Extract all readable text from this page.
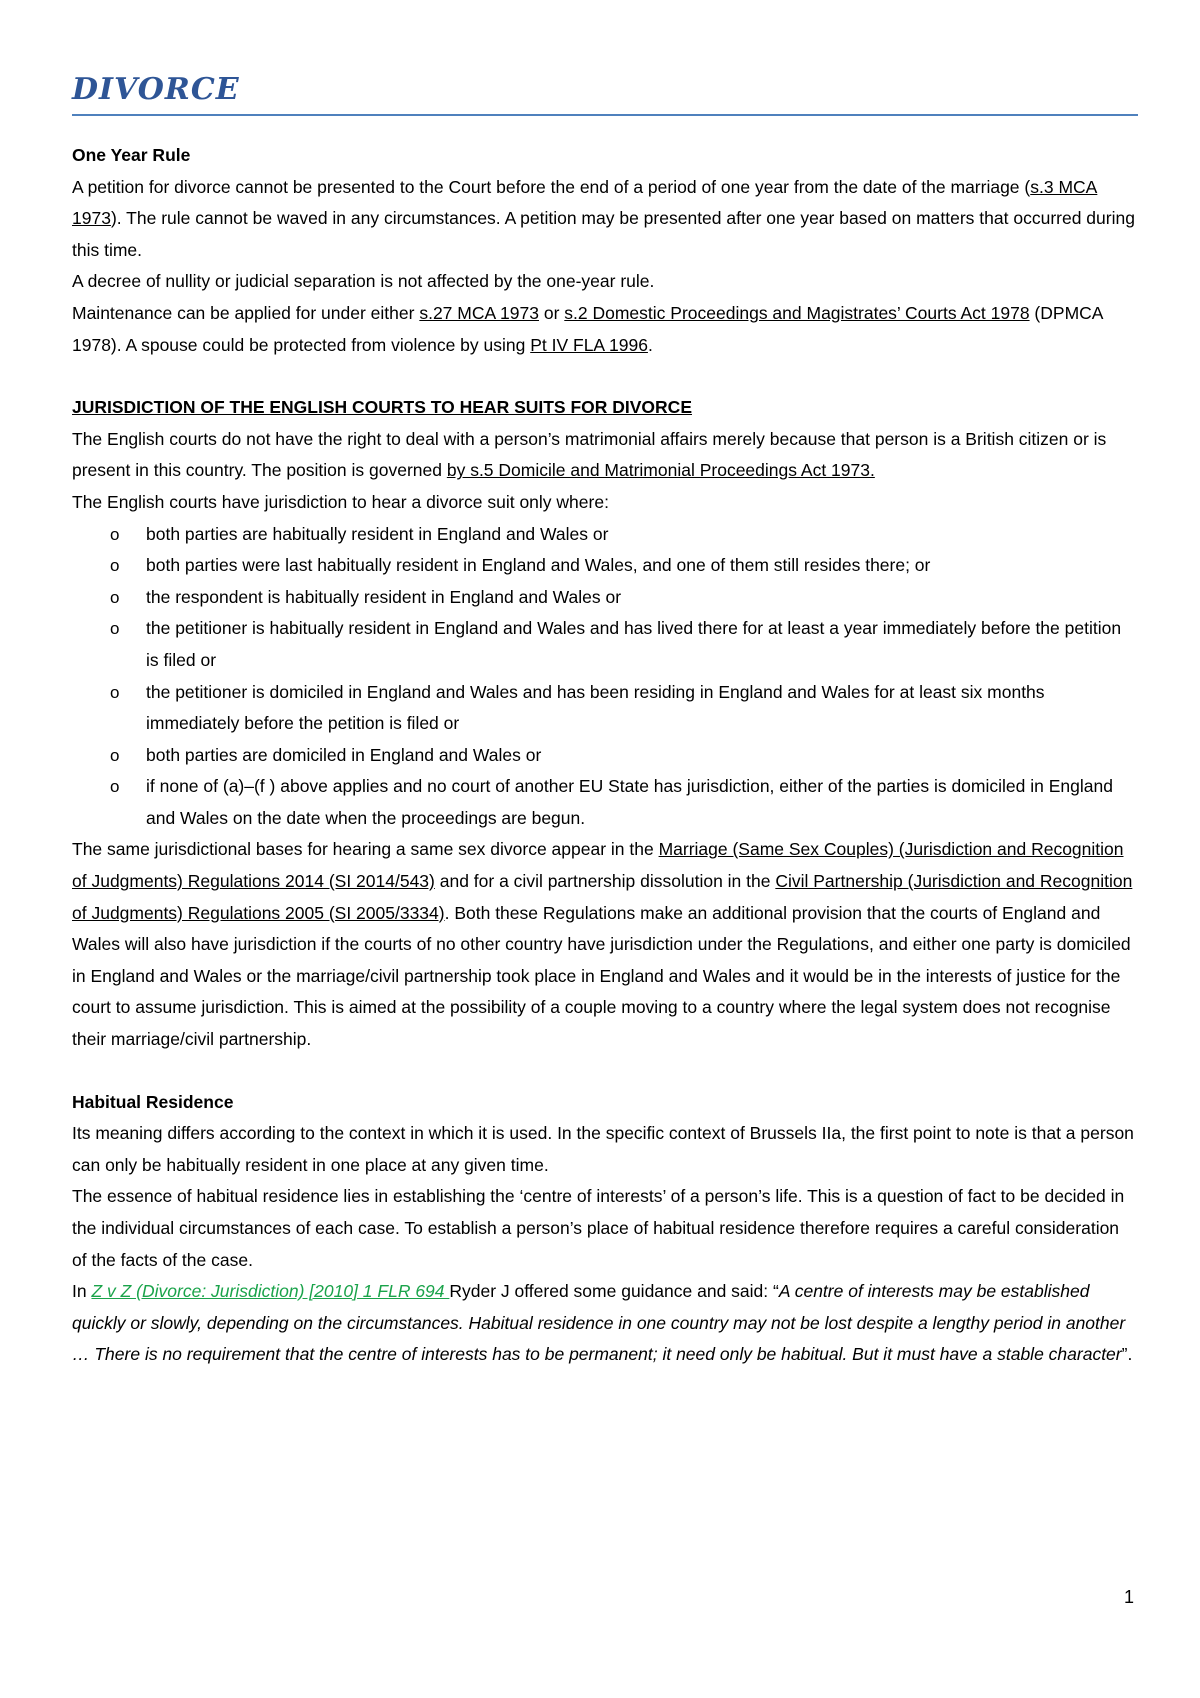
DIVORCE

One Year Rule

A petition for divorce cannot be presented to the Court before the end of a period of one year from the date of the marriage (s.3 MCA 1973). The rule cannot be waved in any circumstances. A petition may be presented after one year based on matters that occurred during this time.

A decree of nullity or judicial separation is not affected by the one-year rule.

Maintenance can be applied for under either s.27 MCA 1973 or s.2 Domestic Proceedings and Magistrates’ Courts Act 1978 (DPMCA 1978). A spouse could be protected from violence by using Pt IV FLA 1996.

JURISDICTION OF THE ENGLISH COURTS TO HEAR SUITS FOR DIVORCE

The English courts do not have the right to deal with a person’s matrimonial affairs merely because that person is a British citizen or is present in this country. The position is governed by s.5 Domicile and Matrimonial Proceedings Act 1973.

The English courts have jurisdiction to hear a divorce suit only where:

o both parties are habitually resident in England and Wales or
o both parties were last habitually resident in England and Wales, and one of them still resides there; or
o the respondent is habitually resident in England and Wales or
o the petitioner is habitually resident in England and Wales and has lived there for at least a year immediately before the petition is filed or
o the petitioner is domiciled in England and Wales and has been residing in England and Wales for at least six months immediately before the petition is filed or
o both parties are domiciled in England and Wales or
o if none of (a)–(f ) above applies and no court of another EU State has jurisdiction, either of the parties is domiciled in England and Wales on the date when the proceedings are begun.

The same jurisdictional bases for hearing a same sex divorce appear in the Marriage (Same Sex Couples) (Jurisdiction and Recognition of Judgments) Regulations 2014 (SI 2014/543) and for a civil partnership dissolution in the Civil Partnership (Jurisdiction and Recognition of Judgments) Regulations 2005 (SI 2005/3334). Both these Regulations make an additional provision that the courts of England and Wales will also have jurisdiction if the courts of no other country have jurisdiction under the Regulations, and either one party is domiciled in England and Wales or the marriage/civil partnership took place in England and Wales and it would be in the interests of justice for the court to assume jurisdiction. This is aimed at the possibility of a couple moving to a country where the legal system does not recognise their marriage/civil partnership.

Habitual Residence

Its meaning differs according to the context in which it is used. In the specific context of Brussels IIa, the first point to note is that a person can only be habitually resident in one place at any given time.

The essence of habitual residence lies in establishing the ‘centre of interests’ of a person’s life. This is a question of fact to be decided in the individual circumstances of each case. To establish a person’s place of habitual residence therefore requires a careful consideration of the facts of the case.

In Z v Z (Divorce: Jurisdiction) [2010] 1 FLR 694 Ryder J offered some guidance and said: “A centre of interests may be established quickly or slowly, depending on the circumstances. Habitual residence in one country may not be lost despite a lengthy period in another … There is no requirement that the centre of interests has to be permanent; it need only be habitual. But it must have a stable character”.

1
